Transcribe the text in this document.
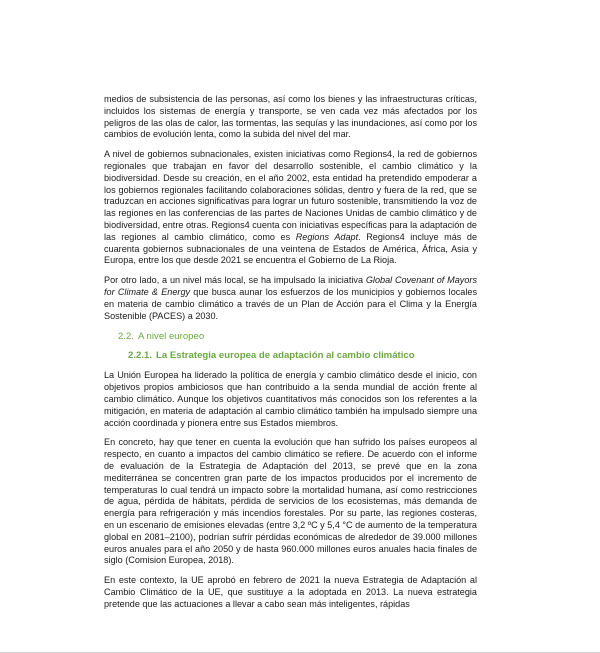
medios de subsistencia de las personas, así como los bienes y las infraestructuras críticas, incluidos los sistemas de energía y transporte, se ven cada vez más afectados por los peligros de las olas de calor, las tormentas, las sequías y las inundaciones, así como por los cambios de evolución lenta, como la subida del nivel del mar.

A nivel de gobiernos subnacionales, existen iniciativas como Regions4, la red de gobiernos regionales que trabajan en favor del desarrollo sostenible, el cambio climático y la biodiversidad. Desde su creación, en el año 2002, esta entidad ha pretendido empoderar a los gobiernos regionales facilitando colaboraciones sólidas, dentro y fuera de la red, que se traduzcan en acciones significativas para lograr un futuro sostenible, transmitiendo la voz de las regiones en las conferencias de las partes de Naciones Unidas de cambio climático y de biodiversidad, entre otras. Regions4 cuenta con iniciativas específicas para la adaptación de las regiones al cambio climático, como es Regions Adapt. Regions4 incluye más de cuarenta gobiernos subnacionales de una veintena de Estados de América, África, Asia y Europa, entre los que desde 2021 se encuentra el Gobierno de La Rioja.

Por otro lado, a un nivel más local, se ha impulsado la iniciativa Global Covenant of Mayors for Climate & Energy que busca aunar los esfuerzos de los municipios y gobiernos locales en materia de cambio climático a través de un Plan de Acción para el Clima y la Energía Sostenible (PACES) a 2030.

2.2. A nivel europeo
2.2.1. La Estrategia europea de adaptación al cambio climático

La Unión Europea ha liderado la política de energía y cambio climático desde el inicio, con objetivos propios ambiciosos que han contribuido a la senda mundial de acción frente al cambio climático. Aunque los objetivos cuantitativos más conocidos son los referentes a la mitigación, en materia de adaptación al cambio climático también ha impulsado siempre una acción coordinada y pionera entre sus Estados miembros.

En concreto, hay que tener en cuenta la evolución que han sufrido los países europeos al respecto, en cuanto a impactos del cambio climático se refiere. De acuerdo con el informe de evaluación de la Estrategia de Adaptación del 2013, se prevé que en la zona mediterránea se concentren gran parte de los impactos producidos por el incremento de temperaturas lo cual tendrá un impacto sobre la mortalidad humana, así como restricciones de agua, pérdida de hábitats, pérdida de servicios de los ecosistemas, más demanda de energía para refrigeración y más incendios forestales. Por su parte, las regiones costeras, en un escenario de emisiones elevadas (entre 3,2 ºC y 5,4 °C de aumento de la temperatura global en 2081–2100), podrían sufrir pérdidas económicas de alrededor de 39.000 millones euros anuales para el año 2050 y de hasta 960.000 millones euros anuales hacia finales de siglo (Comision Europea, 2018).

En este contexto, la UE aprobó en febrero de 2021 la nueva Estrategia de Adaptación al Cambio Climático de la UE, que sustituye a la adoptada en 2013. La nueva estrategia pretende que las actuaciones a llevar a cabo sean más inteligentes, rápidas
